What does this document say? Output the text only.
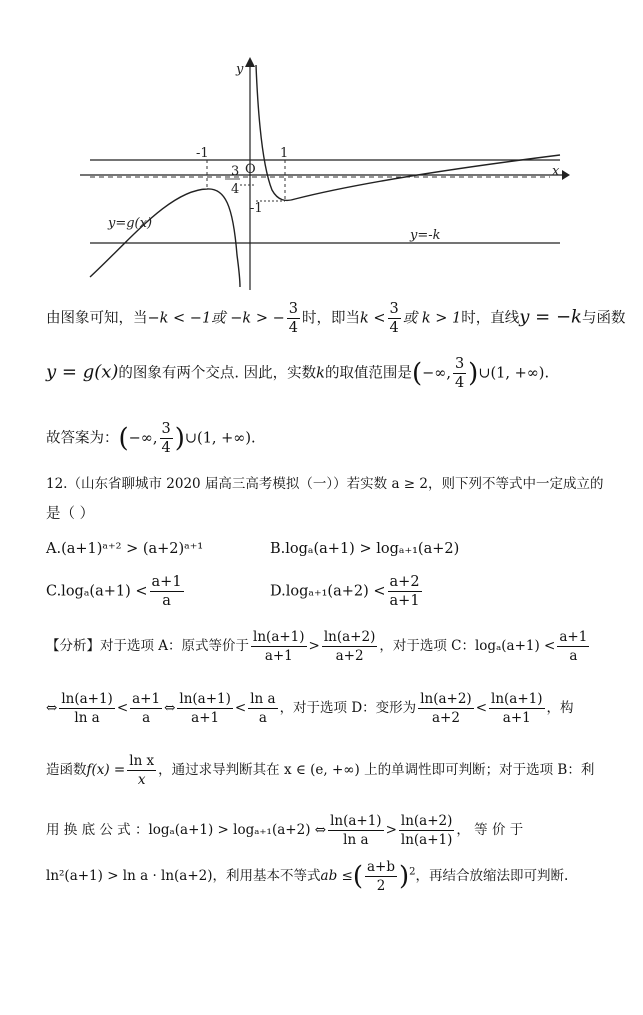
y
x
O
-1	1
3
4
-1
y=g(x)
y=-k
由图象可知，当−k < −1或 −k > − $\frac{3}{4}$ 时，即当$k < \frac{3}{4}$ 或 k > 1时，直线y = −k与函数
y = g(x)的图象有两个交点. 因此，实数k的取值范围是(−∞, $\frac{3}{4}$ )∪(1, +∞).
故答案为：(−∞, $\frac{3}{4}$ )∪(1, +∞).
12.（山东省聊城市 2020 届高三高考模拟（一））若实数 a ≥ 2，则下列不等式中一定成立的
是（ ）
A.(a+1)ᵃ⁺² > (a+2)ᵃ⁺¹	B.logₐ(a+1) > logₐ₊₁(a+2)
$C.\log_a(a+1) < \frac{a+1}{a}$	$D.\log_{a+1}(a+2) < \frac{a+2}{a+1}$
【分析】对于选项 A：原式等价于 $\frac{\ln(a+1)}{a+1} > \frac{\ln(a+2)}{a+2}$ ，对于选项 C：$\log_a(a+1) < \frac{a+1}{a}$
⇔ $\frac{\ln(a+1)}{\text{ln a}} < \frac{a+1}{a}$ ⇔ $\frac{\ln(a+1)}{a+1} < \frac{\text{ln a}}{a}$ ，对于选项 D：变形为 $\frac{\ln(a+2)}{a+2} < \frac{\ln(a+1)}{a+1}$ ，构
造函数$f(x) = \frac{\text{ln x}}{x}$ ，通过求导判断其在 x ∈ (e, +∞) 上的单调性即可判断；对于选项 B：利
用 换 底 公 式 ：logₐ(a+1) > logₐ₊₁(a+2) ⇔ $\frac{\ln(a+1)}{\text{ln a}} > \frac{\ln(a+2)}{\ln(a+1)}$ ， 等 价 于
ln²(a+1) > ln a · ln(a+2)，利用基本不等式ab ≤( $\frac{a+b}{2} )^2$，再结合放缩法即可判断.
